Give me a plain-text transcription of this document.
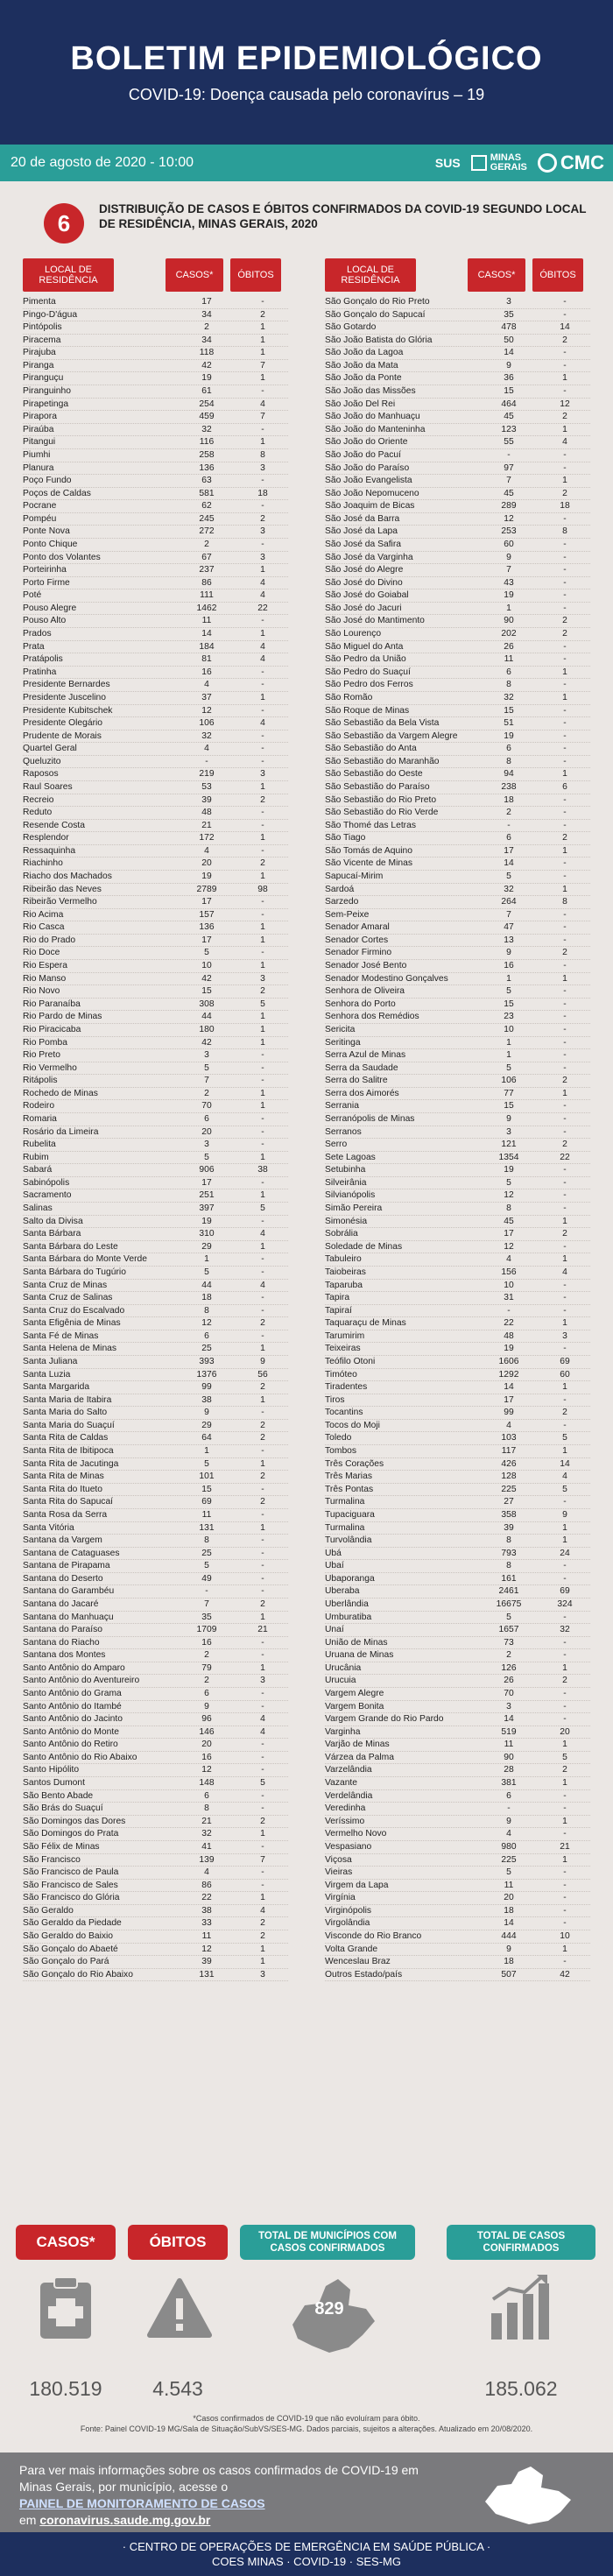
BOLETIM EPIDEMIOLÓGICO
COVID-19: Doença causada pelo coronavírus – 19
20 de agosto de 2020 - 10:00	SUS	MINAS
GERAIS CMC
6
DISTRIBUIÇÃO DE CASOS E ÓBITOS CONFIRMADOS DA COVID-19 SEGUNDO LOCAL DE RESIDÊNCIA, MINAS GERAIS, 2020
LOCAL DE RESIDÊNCIA	CASOS*	ÓBITOS	LOCAL DE RESIDÊNCIA	CASOS*	ÓBITOS
Pimenta	17	-
Pingo-D'água	34	2
Pintópolis	2	1
Piracema	34	1
Pirajuba	118	1
Piranga	42	7
Piranguçu	19	1
Piranguinho	61	-
Pirapetinga	254	4
Pirapora	459	7
Piraúba	32	-
Pitangui	116	1
Piumhi	258	8
Planura	136	3
Poço Fundo	63	-
Poços de Caldas	581	18
Pocrane	62	-
Pompéu	245	2
Ponte Nova	272	3
Ponto Chique	2	-
Ponto dos Volantes	67	3
Porteirinha	237	1
Porto Firme	86	4
Poté	111	4
Pouso Alegre	1462	22
Pouso Alto	11	-
Prados	14	1
Prata	184	4
Pratápolis	81	4
Pratinha	16	-
Presidente Bernardes	4	-
Presidente Juscelino	37	1
Presidente Kubitschek	12	-
Presidente Olegário	106	4
Prudente de Morais	32	-
Quartel Geral	4	-
Queluzito	-	-
Raposos	219	3
Raul Soares	53	1
Recreio	39	2
Reduto	48	-
Resende Costa	21	-
Resplendor	172	1
Ressaquinha	4	-
Riachinho	20	2
Riacho dos Machados	19	1
Ribeirão das Neves	2789	98
Ribeirão Vermelho	17	-
Rio Acima	157	-
Rio Casca	136	1
Rio do Prado	17	1
Rio Doce	5	-
Rio Espera	10	1
Rio Manso	42	3
Rio Novo	15	2
Rio Paranaíba	308	5
Rio Pardo de Minas	44	1
Rio Piracicaba	180	1
Rio Pomba	42	1
Rio Preto	3	-
Rio Vermelho	5	-
Ritápolis	7	-
Rochedo de Minas	2	1
Rodeiro	70	1
Romaria	6	-
Rosário da Limeira	20	-
Rubelita	3	-
Rubim	5	1
Sabará	906	38
Sabinópolis	17	-
Sacramento	251	1
Salinas	397	5
Salto da Divisa	19	-
Santa Bárbara	310	4
Santa Bárbara do Leste	29	1
Santa Bárbara do Monte Verde	1	-
Santa Bárbara do Tugúrio	5	-
Santa Cruz de Minas	44	4
Santa Cruz de Salinas	18	-
Santa Cruz do Escalvado	8	-
Santa Efigênia de Minas	12	2
Santa Fé de Minas	6	-
Santa Helena de Minas	25	1
Santa Juliana	393	9
Santa Luzia	1376	56
Santa Margarida	99	2
Santa Maria de Itabira	38	1
Santa Maria do Salto	9	-
Santa Maria do Suaçuí	29	2
Santa Rita de Caldas	64	2
Santa Rita de Ibitipoca	1	-
Santa Rita de Jacutinga	5	1
Santa Rita de Minas	101	2
Santa Rita do Itueto	15	-
Santa Rita do Sapucaí	69	2
Santa Rosa da Serra	11	-
Santa Vitória	131	1
Santana da Vargem	8	-
Santana de Cataguases	25	-
Santana de Pirapama	5	-
Santana do Deserto	49	-
Santana do Garambéu	-	-
Santana do Jacaré	7	2
Santana do Manhuaçu	35	1
Santana do Paraíso	1709	21
Santana do Riacho	16	-
Santana dos Montes	2	-
Santo Antônio do Amparo	79	1
Santo Antônio do Aventureiro	2	3
Santo Antônio do Grama	6	-
Santo Antônio do Itambé	9	-
Santo Antônio do Jacinto	96	4
Santo Antônio do Monte	146	4
Santo Antônio do Retiro	20	-
Santo Antônio do Rio Abaixo	16	-
Santo Hipólito	12	-
Santos Dumont	148	5
São Bento Abade	6	-
São Brás do Suaçuí	8	-
São Domingos das Dores	21	2
São Domingos do Prata	32	1
São Félix de Minas	41	-
São Francisco	139	7
São Francisco de Paula	4	-
São Francisco de Sales	86	-
São Francisco do Glória	22	1
São Geraldo	38	4
São Geraldo da Piedade	33	2
São Geraldo do Baixio	11	2
São Gonçalo do Abaeté	12	1
São Gonçalo do Pará	39	1
São Gonçalo do Rio Abaixo	131	3
São Gonçalo do Rio Preto	3	-
São Gonçalo do Sapucaí	35	-
São Gotardo	478	14
São João Batista do Glória	50	2
São João da Lagoa	14	-
São João da Mata	9	-
São João da Ponte	36	1
São João das Missões	15	-
São João Del Rei	464	12
São João do Manhuaçu	45	2
São João do Manteninha	123	1
São João do Oriente	55	4
São João do Pacuí	-	-
São João do Paraíso	97	-
São João Evangelista	7	1
São João Nepomuceno	45	2
São Joaquim de Bicas	289	18
São José da Barra	12	-
São José da Lapa	253	8
São José da Safira	60	-
São José da Varginha	9	-
São José do Alegre	7	-
São José do Divino	43	-
São José do Goiabal	19	-
São José do Jacuri	1	-
São José do Mantimento	90	2
São Lourenço	202	2
São Miguel do Anta	26	-
São Pedro da União	11	-
São Pedro do Suaçuí	6	1
São Pedro dos Ferros	8	-
São Romão	32	1
São Roque de Minas	15	-
São Sebastião da Bela Vista	51	-
São Sebastião da Vargem Alegre	19	-
São Sebastião do Anta	6	-
São Sebastião do Maranhão	8	-
São Sebastião do Oeste	94	1
São Sebastião do Paraíso	238	6
São Sebastião do Rio Preto	18	-
São Sebastião do Rio Verde	2	-
São Thomé das Letras	-	-
São Tiago	6	2
São Tomás de Aquino	17	1
São Vicente de Minas	14	-
Sapucaí-Mirim	5	-
Sardoá	32	1
Sarzedo	264	8
Sem-Peixe	7	-
Senador Amaral	47	-
Senador Cortes	13	-
Senador Firmino	9	2
Senador José Bento	16	-
Senador Modestino Gonçalves	1	1
Senhora de Oliveira	5	-
Senhora do Porto	15	-
Senhora dos Remédios	23	-
Sericita	10	-
Seritinga	1	-
Serra Azul de Minas	1	-
Serra da Saudade	5	-
Serra do Salitre	106	2
Serra dos Aimorés	77	1
Serrania	15	-
Serranópolis de Minas	9	-
Serranos	3	-
Serro	121	2
Sete Lagoas	1354	22
Setubinha	19	-
Silveirânia	5	-
Silvianópolis	12	-
Simão Pereira	8	-
Simonésia	45	1
Sobrália	17	2
Soledade de Minas	12	-
Tabuleiro	4	1
Taiobeiras	156	4
Taparuba	10	-
Tapira	31	-
Tapiraí	-	-
Taquaraçu de Minas	22	1
Tarumirim	48	3
Teixeiras	19	-
Teófilo Otoni	1606	69
Timóteo	1292	60
Tiradentes	14	1
Tiros	17	-
Tocantins	99	2
Tocos do Moji	4	-
Toledo	103	5
Tombos	117	1
Três Corações	426	14
Três Marias	128	4
Três Pontas	225	5
Turmalina	27	-
Tupaciguara	358	9
Turmalina	39	1
Turvolândia	8	1
Ubá	793	24
Ubaí	8	-
Ubaporanga	161	-
Uberaba	2461	69
Uberlândia	16675	324
Umburatiba	5	-
Unaí	1657	32
União de Minas	73	-
Uruana de Minas	2	-
Urucânia	126	1
Urucuia	26	2
Vargem Alegre	70	-
Vargem Bonita	3	-
Vargem Grande do Rio Pardo	14	-
Varginha	519	20
Varjão de Minas	11	1
Várzea da Palma	90	5
Varzelândia	28	2
Vazante	381	1
Verdelândia	6	-
Veredinha	-	-
Veríssimo	9	1
Vermelho Novo	4	-
Vespasiano	980	21
Viçosa	225	1
Vieiras	5	-
Virgem da Lapa	11	-
Virgínia	20	-
Virginópolis	18	-
Virgolândia	14	-
Visconde do Rio Branco	444	10
Volta Grande	9	1
Wenceslau Braz	18	-
Outros Estado/país	507	42
CASOS*	ÓBITOS	TOTAL DE MUNICÍPIOS COM CASOS CONFIRMADOS
TOTAL DE CASOS CONFIRMADOS
180.519	4.543
829
185.062
*Casos confirmados de COVID-19 que não evoluíram para óbito.
Fonte: Painel COVID-19 MG/Sala de Situação/SubVS/SES-MG. Dados parciais, sujeitos a alterações. Atualizado em 20/08/2020.
Para ver mais informações sobre os casos confirmados de COVID-19 em Minas Gerais, por município, acesse o
PAINEL DE MONITORAMENTO DE CASOS
em coronavirus.saude.mg.gov.br
· CENTRO DE OPERAÇÕES DE EMERGÊNCIA EM SAÚDE PÚBLICA ·
COES MINAS · COVID-19 · SES-MG
